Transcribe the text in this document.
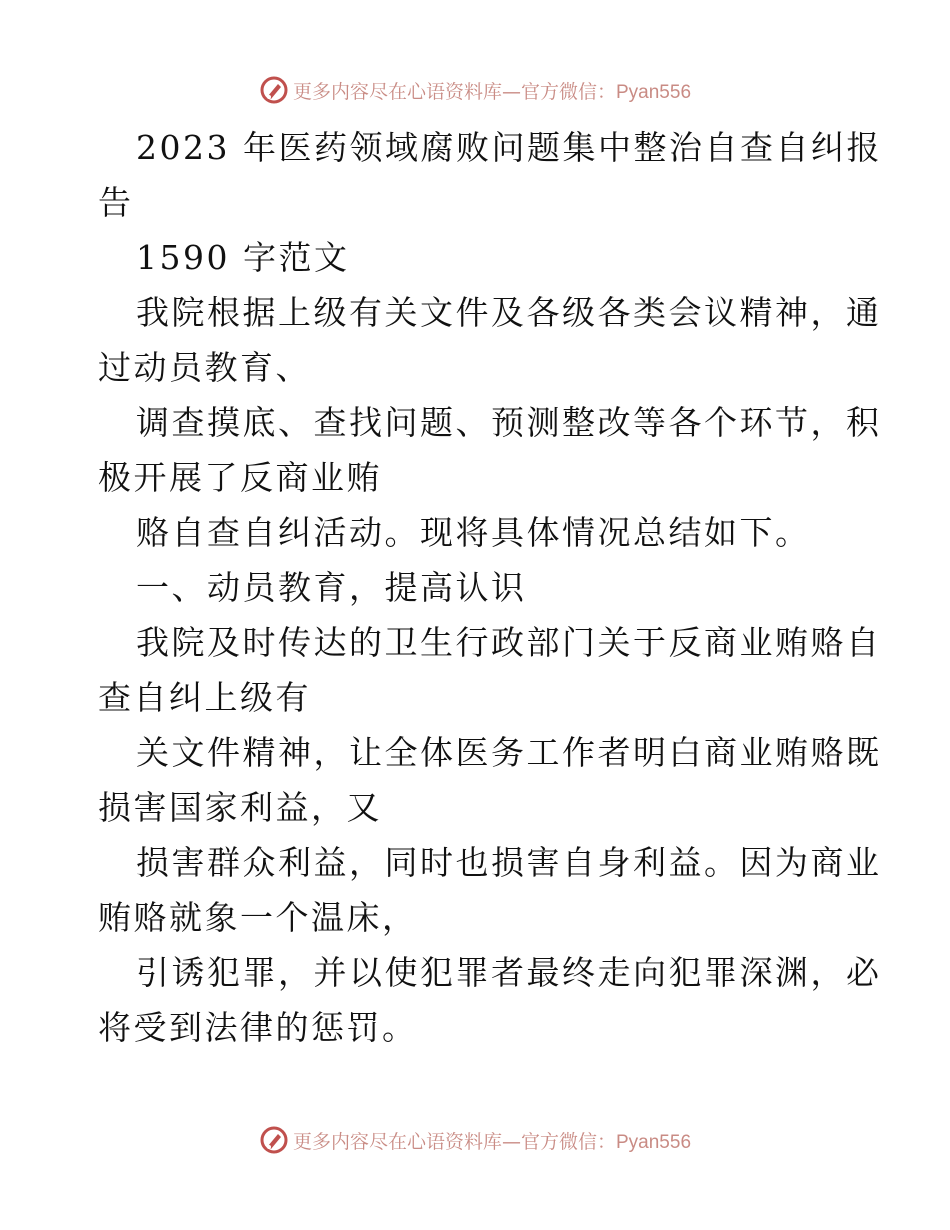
更多内容尽在心语资料库—官方微信：Pyan556
2023 年医药领域腐败问题集中整治自查自纠报
告
1590 字范文
我院根据上级有关文件及各级各类会议精神，通
过动员教育、
调查摸底、查找问题、预测整改等各个环节，积
极开展了反商业贿
赂自查自纠活动。现将具体情况总结如下。
一、动员教育，提高认识
我院及时传达的卫生行政部门关于反商业贿赂自
查自纠上级有
关文件精神，让全体医务工作者明白商业贿赂既
损害国家利益，又
损害群众利益，同时也损害自身利益。因为商业
贿赂就象一个温床，
引诱犯罪，并以使犯罪者最终走向犯罪深渊，必
将受到法律的惩罚。
更多内容尽在心语资料库—官方微信：Pyan556
